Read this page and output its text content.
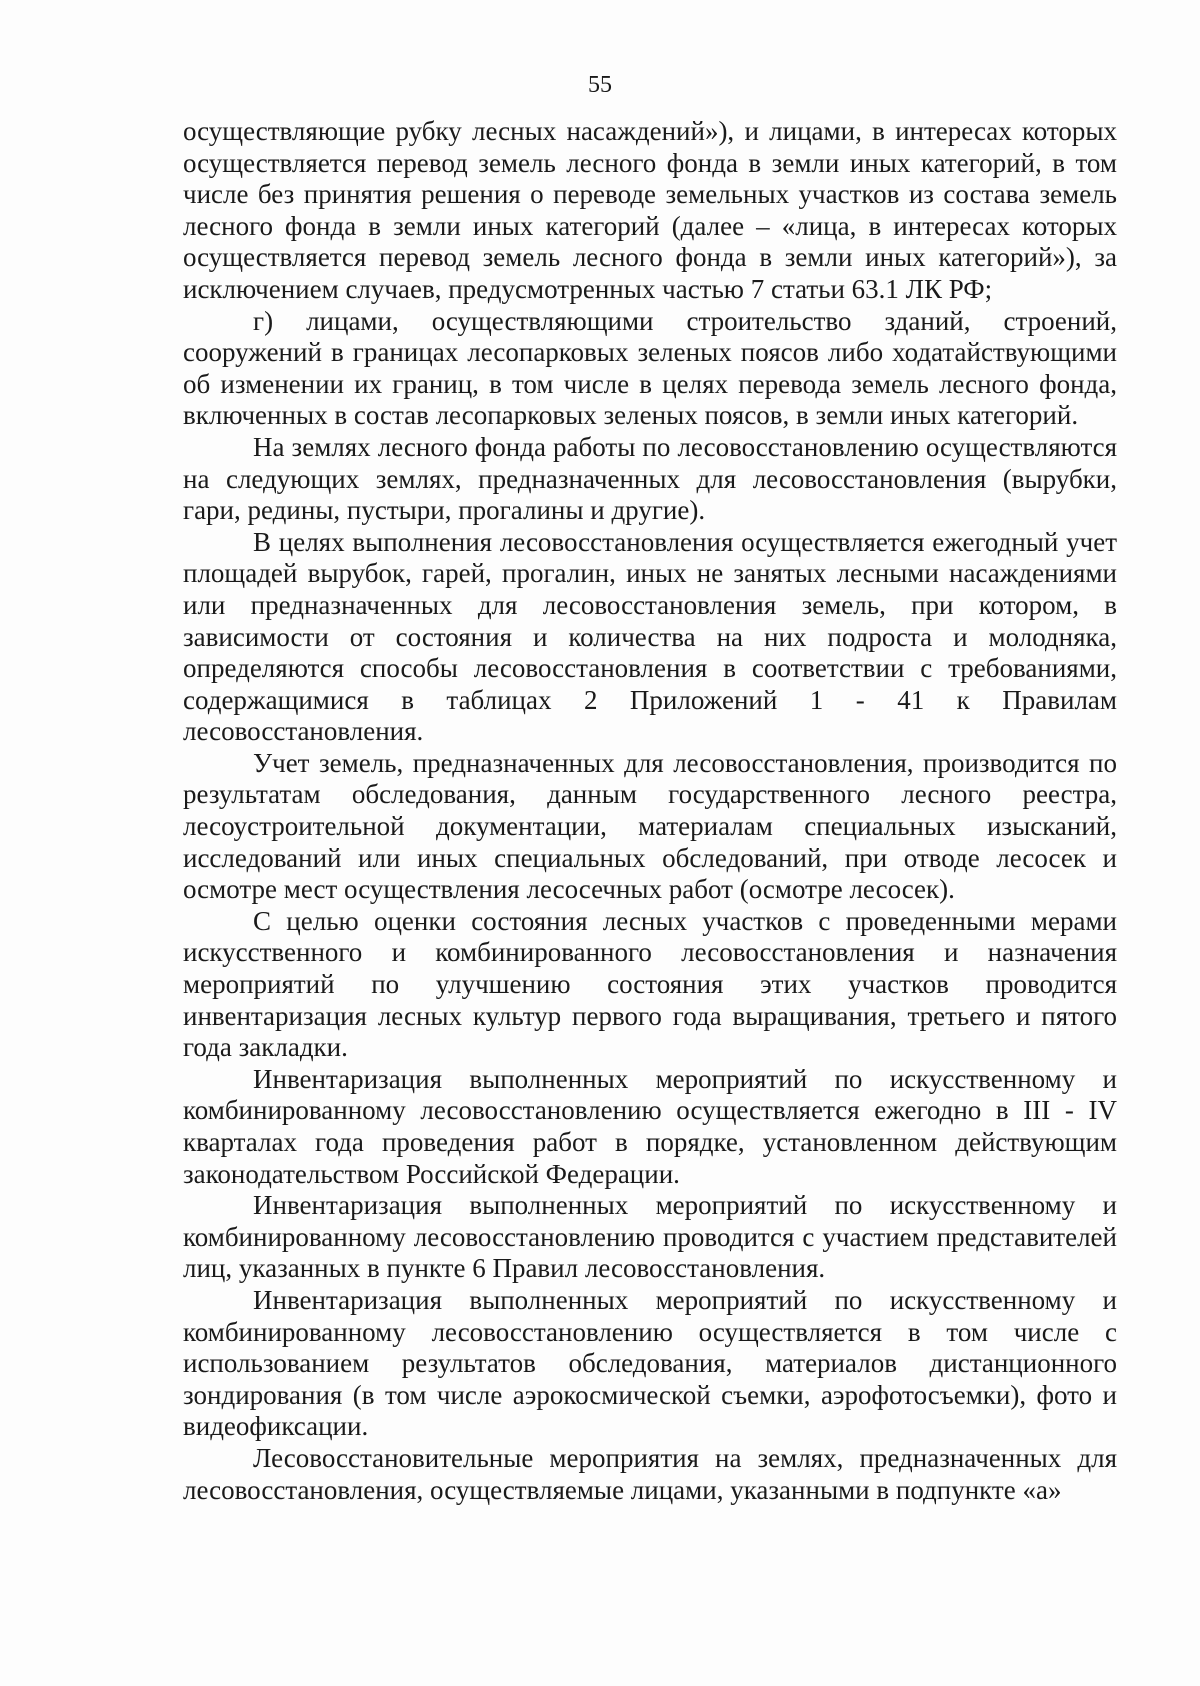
55

осуществляющие рубку лесных насаждений»), и лицами, в интересах которых осуществляется перевод земель лесного фонда в земли иных категорий, в том числе без принятия решения о переводе земельных участков из состава земель лесного фонда в земли иных категорий (далее – «лица, в интересах которых осуществляется перевод земель лесного фонда в земли иных категорий»), за исключением случаев, предусмотренных частью 7 статьи 63.1 ЛК РФ;

г) лицами, осуществляющими строительство зданий, строений, сооружений в границах лесопарковых зеленых поясов либо ходатайствующими об изменении их границ, в том числе в целях перевода земель лесного фонда, включенных в состав лесопарковых зеленых поясов, в земли иных категорий.

На землях лесного фонда работы по лесовосстановлению осуществляются на следующих землях, предназначенных для лесовосстановления (вырубки, гари, редины, пустыри, прогалины и другие).

В целях выполнения лесовосстановления осуществляется ежегодный учет площадей вырубок, гарей, прогалин, иных не занятых лесными насаждениями или предназначенных для лесовосстановления земель, при котором, в зависимости от состояния и количества на них подроста и молодняка, определяются способы лесовосстановления в соответствии с требованиями, содержащимися в таблицах 2 Приложений 1 - 41 к Правилам лесовосстановления.

Учет земель, предназначенных для лесовосстановления, производится по результатам обследования, данным государственного лесного реестра, лесоустроительной документации, материалам специальных изысканий, исследований или иных специальных обследований, при отводе лесосек и осмотре мест осуществления лесосечных работ (осмотре лесосек).

С целью оценки состояния лесных участков с проведенными мерами искусственного и комбинированного лесовосстановления и назначения мероприятий по улучшению состояния этих участков проводится инвентаризация лесных культур первого года выращивания, третьего и пятого года закладки.

Инвентаризация выполненных мероприятий по искусственному и комбинированному лесовосстановлению осуществляется ежегодно в III - IV кварталах года проведения работ в порядке, установленном действующим законодательством Российской Федерации.

Инвентаризация выполненных мероприятий по искусственному и комбинированному лесовосстановлению проводится с участием представителей лиц, указанных в пункте 6 Правил лесовосстановления.

Инвентаризация выполненных мероприятий по искусственному и комбинированному лесовосстановлению осуществляется в том числе с использованием результатов обследования, материалов дистанционного зондирования (в том числе аэрокосмической съемки, аэрофотосъемки), фото и видеофиксации.

Лесовосстановительные мероприятия на землях, предназначенных для лесовосстановления, осуществляемые лицами, указанными в подпункте «а»
